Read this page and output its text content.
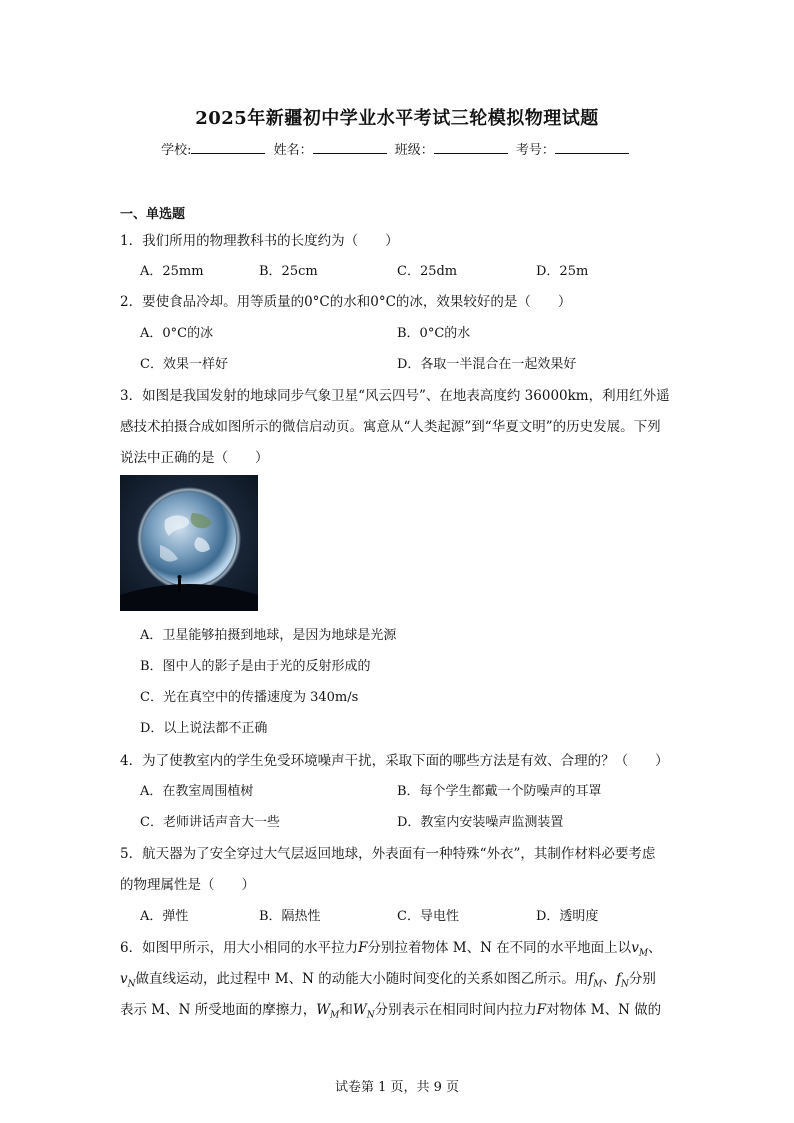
2025年新疆初中学业水平考试三轮模拟物理试题
学校:	姓名：	班级：	考号：
一、单选题
1．我们所用的物理教科书的长度约为（　　）
A．25mm	B．25cm	C．25dm	D．25m
2．要使食品冷却。用等质量的0°C的水和0°C的冰，效果较好的是（　　）
A．0°C的冰	B．0°C的水
C．效果一样好	D．各取一半混合在一起效果好
3．如图是我国发射的地球同步气象卫星“风云四号”、在地表高度约 36000km，利用红外遥
感技术拍摄合成如图所示的微信启动页。寓意从“人类起源”到“华夏文明”的历史发展。下列
说法中正确的是（　　）
A．卫星能够拍摄到地球，是因为地球是光源
B．图中人的影子是由于光的反射形成的
C．光在真空中的传播速度为 340m/s
D．以上说法都不正确
4．为了使教室内的学生免受环境噪声干扰，采取下面的哪些方法是有效、合理的？（　　）
A．在教室周围植树	B．每个学生都戴一个防噪声的耳罩
C．老师讲话声音大一些	D．教室内安装噪声监测装置
5．航天器为了安全穿过大气层返回地球，外表面有一种特殊“外衣”，其制作材料必要考虑
的物理属性是（　　）
A．弹性	B．隔热性	C．导电性	D．透明度
6．如图甲所示，用大小相同的水平拉力F分别拉着物体 M、N 在不同的水平地面上以$v_M$、
$v_N$做直线运动，此过程中 M、N 的动能大小随时间变化的关系如图乙所示。用$f_M$、$f_N$分别
表示 M、N 所受地面的摩擦力，$W_M$和$W_N$分别表示在相同时间内拉力F对物体 M、N 做的
试卷第 1 页，共 9 页
